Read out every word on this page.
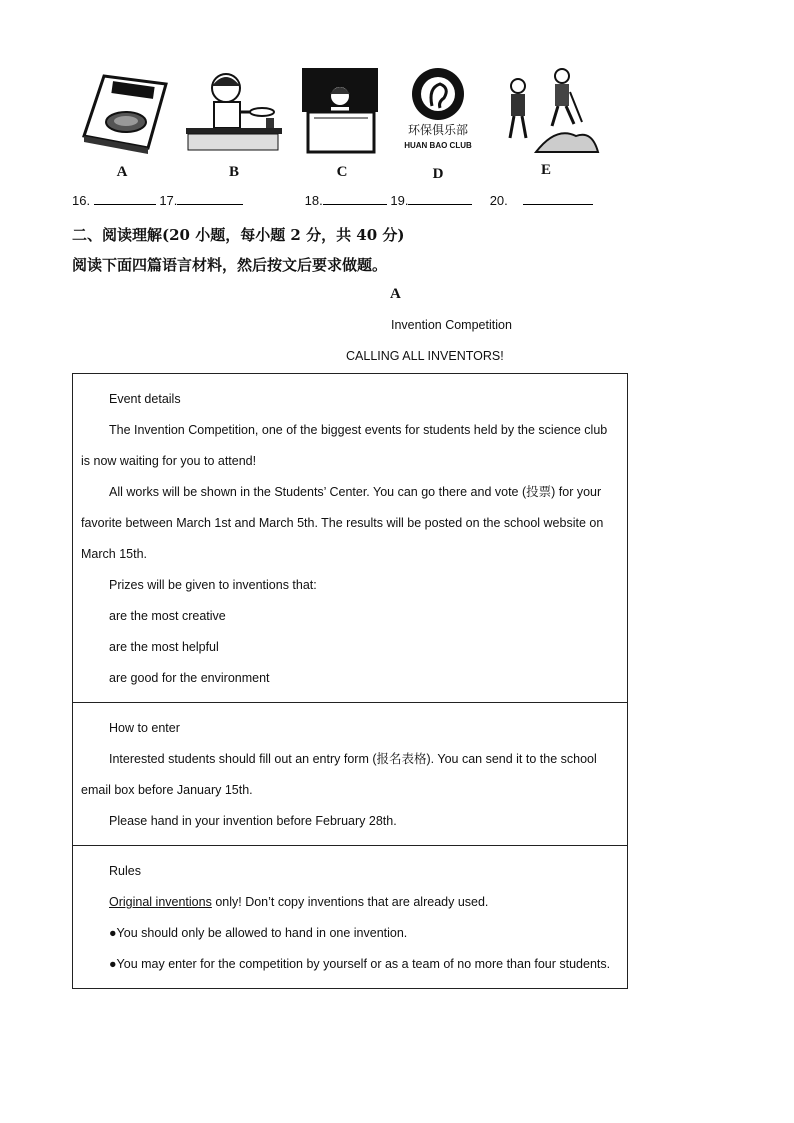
A	B	C
环保俱乐部
HUAN BAO CLUB
D	E
16.	17.	18.	19.	20.
二、阅读理解(20 小题，每小题 2 分，共 40 分)
阅读下面四篇语言材料，然后按文后要求做题。
A
Invention Competition
CALLING ALL INVENTORS!

Event details

The Invention Competition, one of the biggest events for students held by the science club is now waiting for you to attend!

All works will be shown in the Students’ Center. You can go there and vote (投票) for your favorite between March 1st and March 5th. The results will be posted on the school website on March 15th.

Prizes will be given to inventions that:

are the most creative

are the most helpful

are good for the environment

How to enter

Interested students should fill out an entry form (报名表格). You can send it to the school email box before January 15th.

Please hand in your invention before February 28th.

Rules

Original inventions only! Don’t copy inventions that are already used.

●You should only be allowed to hand in one invention.

●You may enter for the competition by yourself or as a team of no more than four students.
